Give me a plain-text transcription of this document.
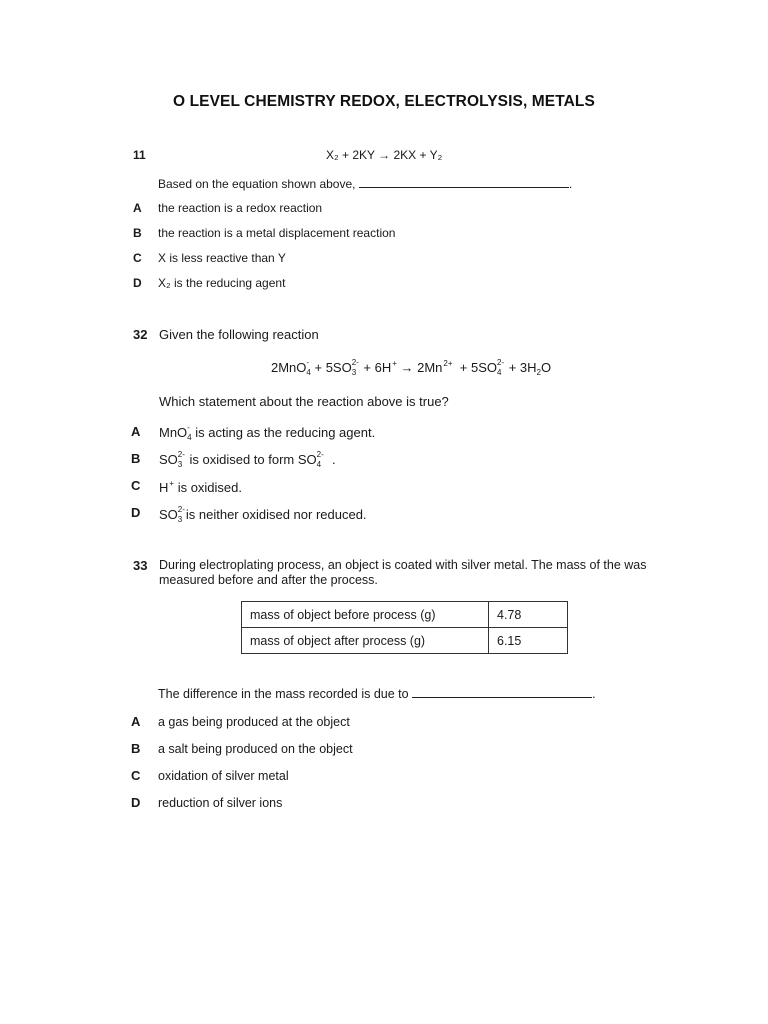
O LEVEL CHEMISTRY REDOX, ELECTROLYSIS, METALS
11	X₂ + 2KY → 2KX + Y₂
Based on the equation shown above,	.
A the reaction is a redox reaction
B the reaction is a metal displacement reaction
C X is less reactive than Y
D X₂ is the reducing agent
32 Given the following reaction
2MnO $_{- 4}$ + 5SO $_{2- 3} + 6H^+ \to 2Mn^{2+} + 5SO$ $_{2- 4} + 3H_2O$
Which statement about the reaction above is true?
A MnO $_{- 4}$ is acting as the reducing agent.
B SO $_{2- 3}$ is oxidised to form SO $_{2- 4}$ .
C H+ is oxidised.
D SO $_{2- 3}$ is neither oxidised nor reduced.
33 During electroplating process, an object is coated with silver metal. The mass of the was
measured before and after the process.
mass of object before process (g)	4.78
mass of object after process (g)	6.15
The difference in the mass recorded is due to	.
A a gas being produced at the object
B a salt being produced on the object
C oxidation of silver metal
D reduction of silver ions
